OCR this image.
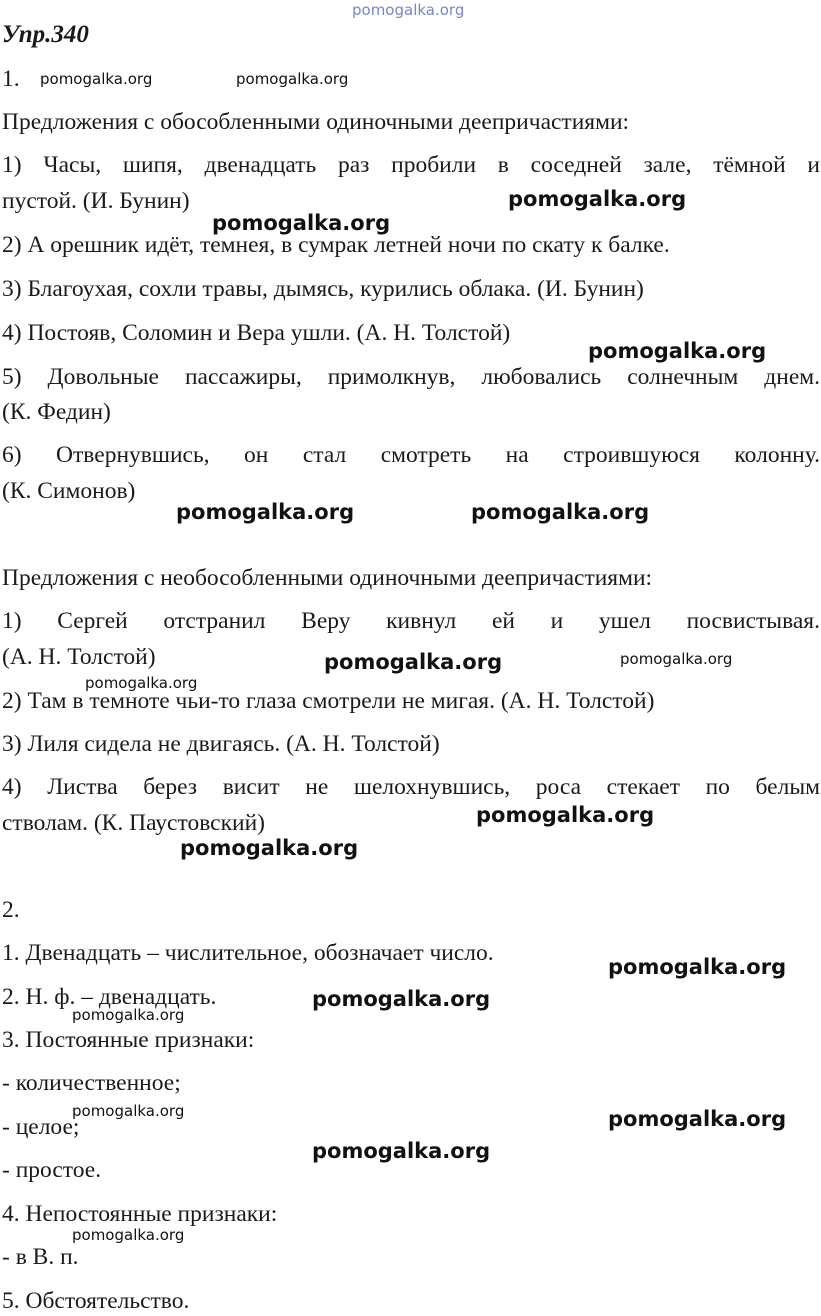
pomogalka.org
Упр.340
1.
Предложения с обособленными одиночными деепричастиями:
1) Часы, шипя, двенадцать раз пробили в соседней зале, тёмной и
пустой. (И. Бунин)
2) А орешник идёт, темнея, в сумрак летней ночи по скату к балке.
3) Благоухая, сохли травы, дымясь, курились облака. (И. Бунин)
4) Постояв, Соломин и Вера ушли. (А. Н. Толстой)
5) Довольные пассажиры, примолкнув, любовались солнечным днем.
(К. Федин)
6) Отвернувшись, он стал смотреть на строившуюся колонну.
(К. Симонов)
Предложения с необособленными одиночными деепричастиями:
1) Сергей отстранил Веру кивнул ей и ушел посвистывая.
(А. Н. Толстой)
2) Там в темноте чьи-то глаза смотрели не мигая. (А. Н. Толстой)
3) Лиля сидела не двигаясь. (А. Н. Толстой)
4) Листва берез висит не шелохнувшись, роса стекает по белым
стволам. (К. Паустовский)
2.
1. Двенадцать – числительное, обозначает число.
2. Н. ф. – двенадцать.
3. Постоянные признаки:
- количественное;
- целое;
- простое.
4. Непостоянные признаки:
- в В. п.
5. Обстоятельство.
pomogalka.org	pomogalka.org
pomogalka.org
pomogalka.org
pomogalka.org
pomogalka.org	pomogalka.org
pomogalka.org	pomogalka.org
pomogalka.org
pomogalka.org
pomogalka.org
pomogalka.org
pomogalka.org
pomogalka.org
pomogalka.org	pomogalka.org
pomogalka.org
pomogalka.org
